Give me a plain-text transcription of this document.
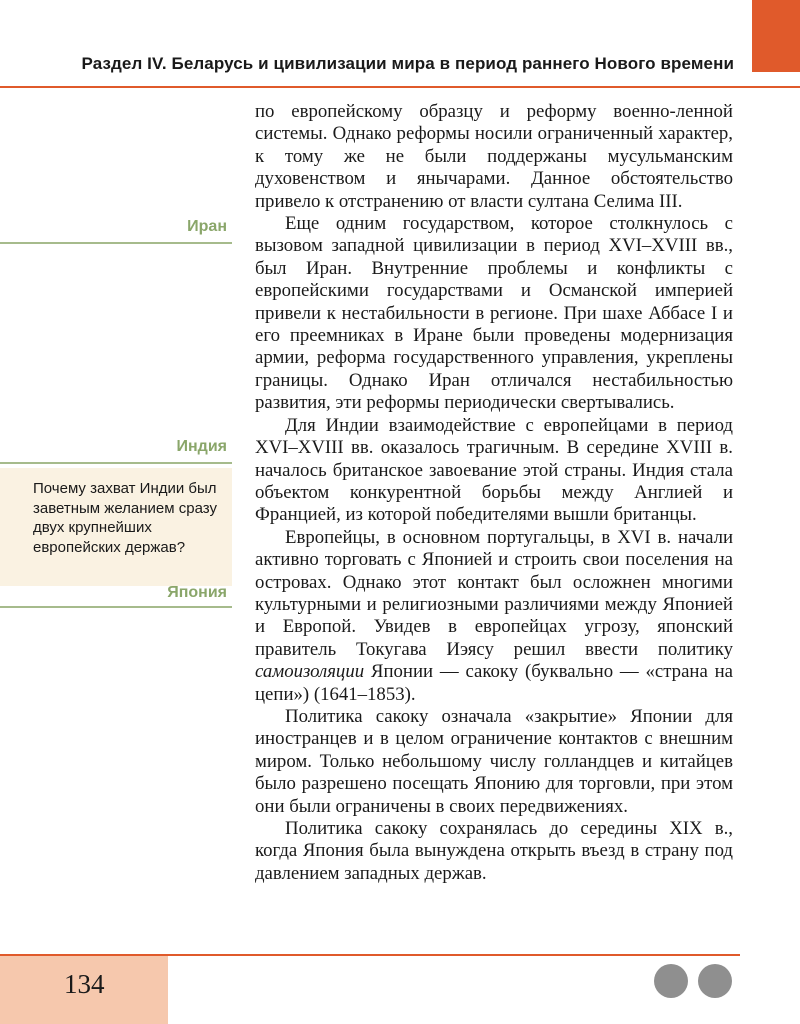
Раздел IV. Беларусь и цивилизации мира в период раннего Нового времени
Иран
Индия
Почему захват Индии был заветным желанием сразу двух крупнейших европейских держав?
Япония

по европейскому образцу и реформу военно-ленной системы. Однако реформы носили ограниченный характер, к тому же не были поддержаны мусульманским духовенством и янычарами. Данное обстоятельство привело к отстранению от власти султана Селима III.

Еще одним государством, которое столкнулось с вызовом западной цивилизации в период XVI–XVIII вв., был Иран. Внутренние проблемы и конфликты с европейскими государствами и Османской империей привели к нестабильности в регионе. При шахе Аббасе I и его преемниках в Иране были проведены модернизация армии, реформа государственного управления, укреплены границы. Однако Иран отличался нестабильностью развития, эти реформы периодически свертывались.

Для Индии взаимодействие с европейцами в период XVI–XVIII вв. оказалось трагичным. В середине XVIII в. началось британское завоевание этой страны. Индия стала объектом конкурентной борьбы между Англией и Францией, из которой победителями вышли британцы.

Европейцы, в основном португальцы, в XVI в. начали активно торговать с Японией и строить свои поселения на островах. Однако этот контакт был осложнен многими культурными и религиозными различиями между Японией и Европой. Увидев в европейцах угрозу, японский правитель Токугава Иэясу решил ввести политику самоизоляции Японии — сакоку (буквально — «страна на цепи») (1641–1853).

Политика сакоку означала «закрытие» Японии для иностранцев и в целом ограничение контактов с внешним миром. Только небольшому числу голландцев и китайцев было разрешено посещать Японию для торговли, при этом они были ограничены в своих передвижениях.

Политика сакоку сохранялась до середины XIX в., когда Япония была вынуждена открыть въезд в страну под давлением западных держав.

134
